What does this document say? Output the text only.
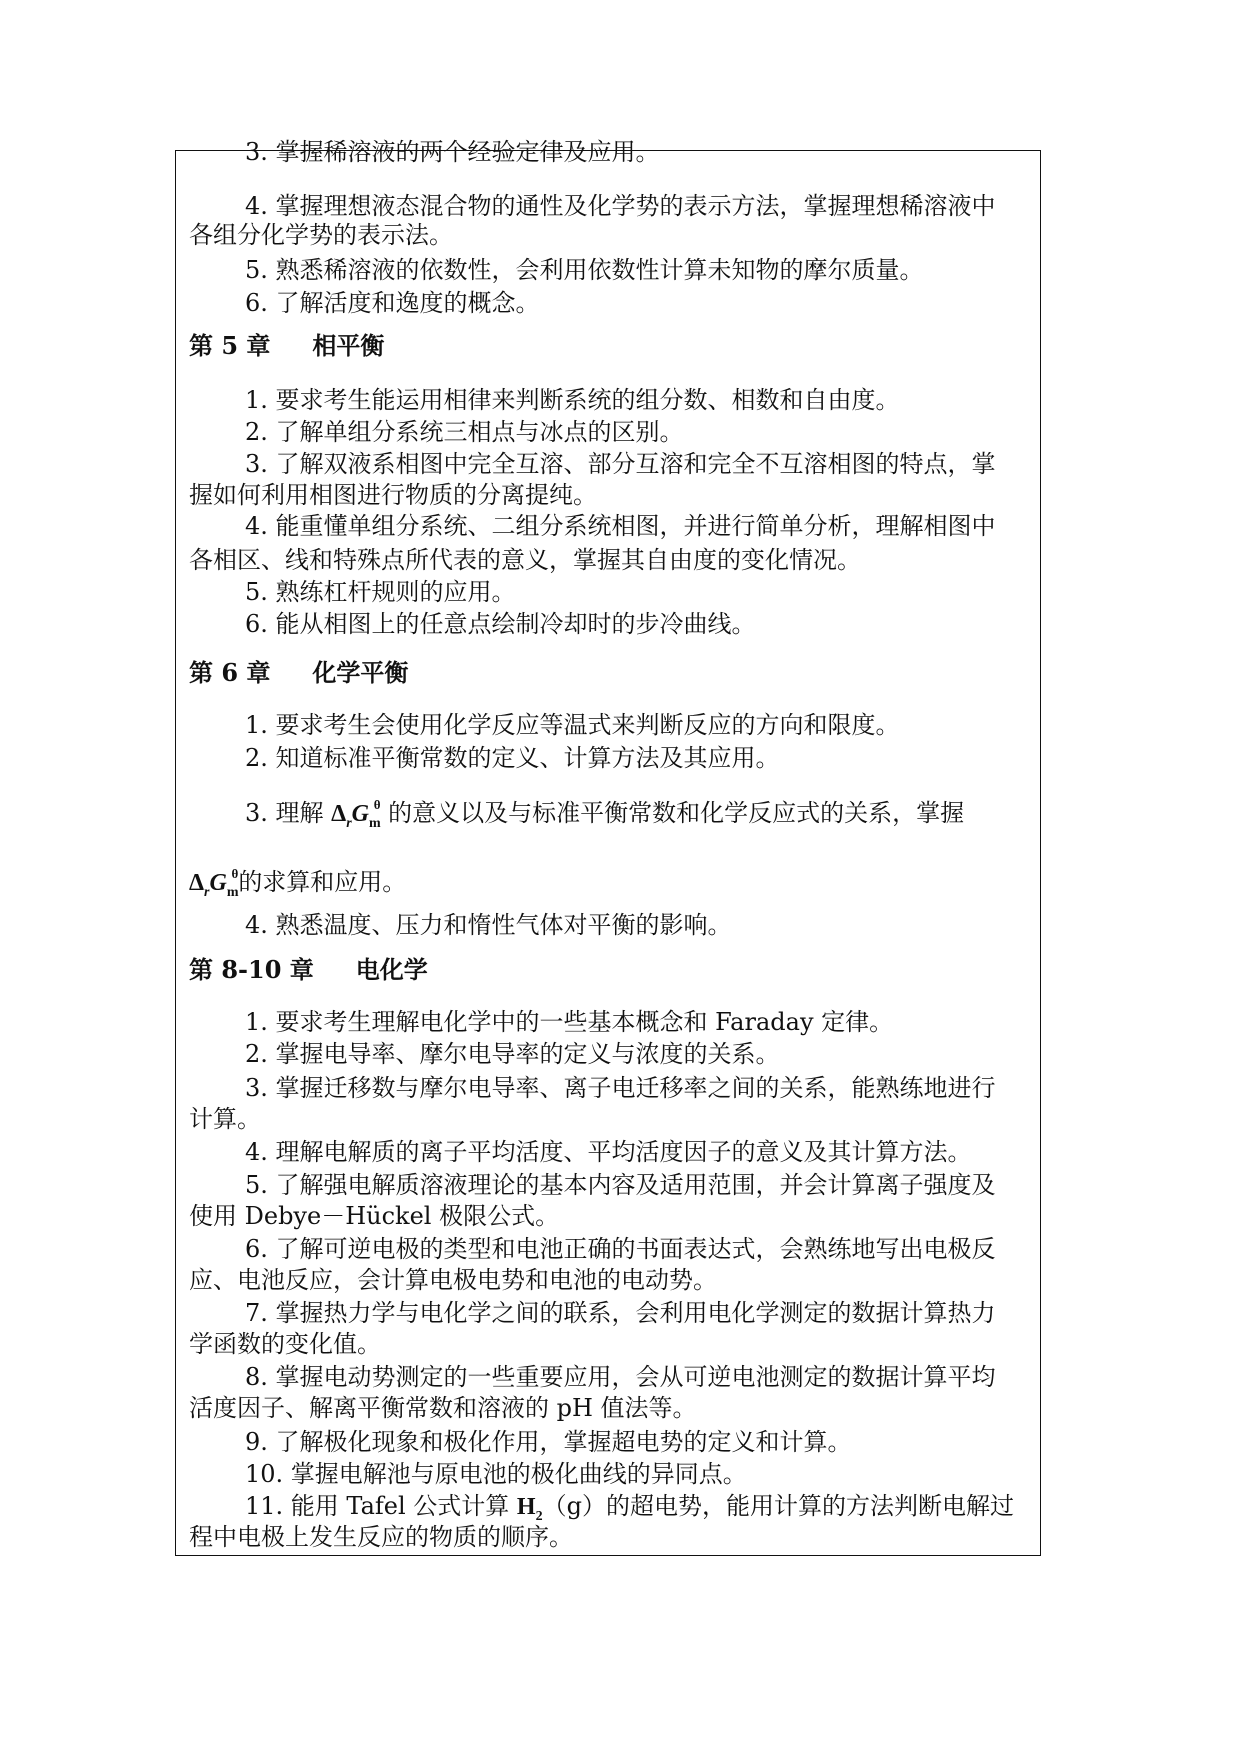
3. 掌握稀溶液的两个经验定律及应用。
4. 掌握理想液态混合物的通性及化学势的表示方法，掌握理想稀溶液中
各组分化学势的表示法。
5. 熟悉稀溶液的依数性，会利用依数性计算未知物的摩尔质量。
6. 了解活度和逸度的概念。
第 5 章 相平衡
1. 要求考生能运用相律来判断系统的组分数、相数和自由度。
2. 了解单组分系统三相点与冰点的区别。
3. 了解双液系相图中完全互溶、部分互溶和完全不互溶相图的特点，掌
握如何利用相图进行物质的分离提纯。
4. 能重懂单组分系统、二组分系统相图，并进行简单分析，理解相图中
各相区、线和特殊点所代表的意义，掌握其自由度的变化情况。
5. 熟练杠杆规则的应用。
6. 能从相图上的任意点绘制冷却时的步冷曲线。
第 6 章 化学平衡
1. 要求考生会使用化学反应等温式来判断反应的方向和限度。
2. 知道标准平衡常数的定义、计算方法及其应用。
3. 理解 $\Delta_rG_m^\theta$ 的意义以及与标准平衡常数和化学反应式的关系，掌握
$\Delta_rG_m^\theta$的求算和应用。
4. 熟悉温度、压力和惰性气体对平衡的影响。
第 8-10 章 电化学
1. 要求考生理解电化学中的一些基本概念和 Faraday 定律。
2. 掌握电导率、摩尔电导率的定义与浓度的关系。
3. 掌握迁移数与摩尔电导率、离子电迁移率之间的关系，能熟练地进行
计算。
4. 理解电解质的离子平均活度、平均活度因子的意义及其计算方法。
5. 了解强电解质溶液理论的基本内容及适用范围，并会计算离子强度及
使用 Debye－Hückel 极限公式。
6. 了解可逆电极的类型和电池正确的书面表达式，会熟练地写出电极反
应、电池反应，会计算电极电势和电池的电动势。
7. 掌握热力学与电化学之间的联系，会利用电化学测定的数据计算热力
学函数的变化值。
8. 掌握电动势测定的一些重要应用，会从可逆电池测定的数据计算平均
活度因子、解离平衡常数和溶液的 pH 值法等。
9. 了解极化现象和极化作用，掌握超电势的定义和计算。
10. 掌握电解池与原电池的极化曲线的异同点。
11. 能用 Tafel 公式计算 $H_2(g)$的超电势，能用计算的方法判断电解过
程中电极上发生反应的物质的顺序。
